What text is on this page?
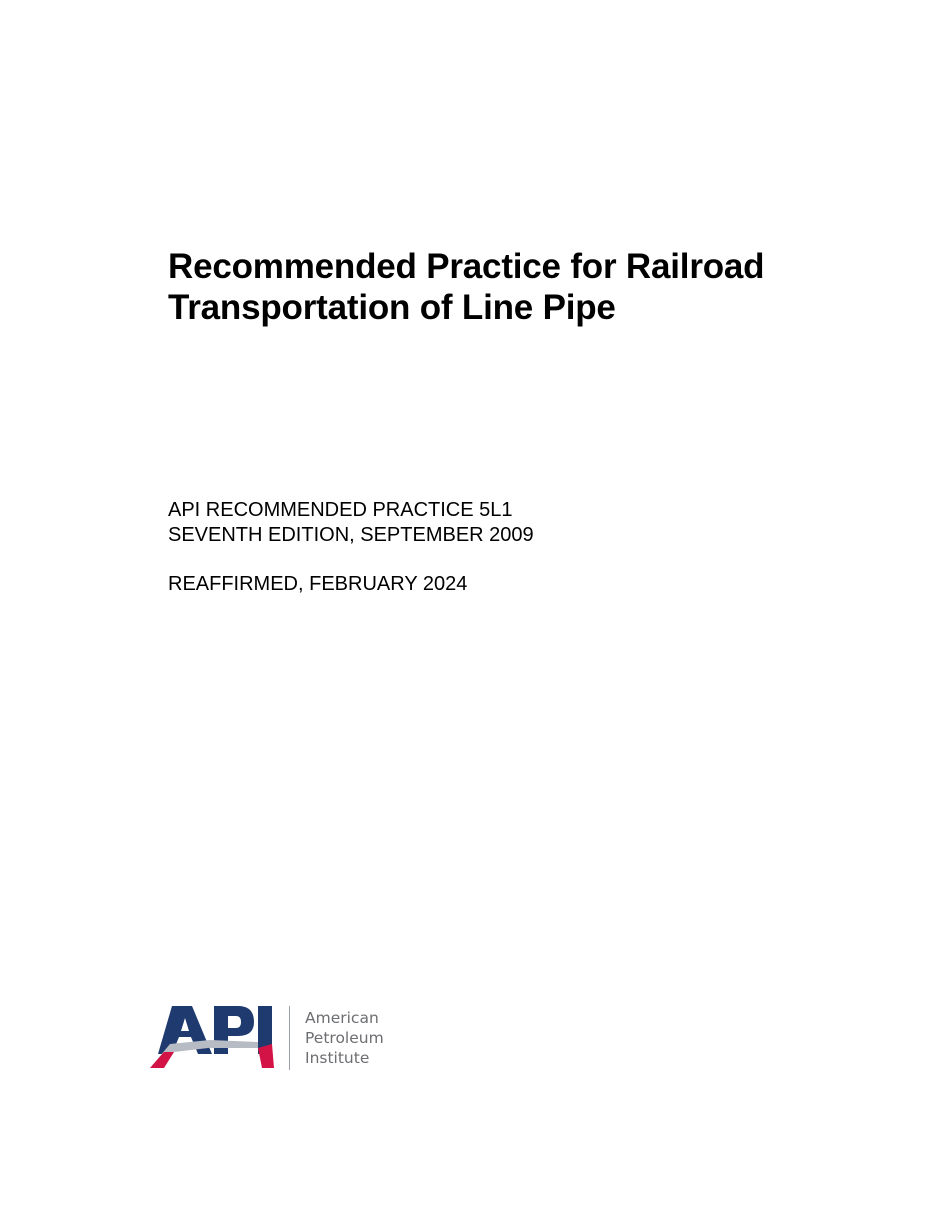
Recommended Practice for Railroad
Transportation of Line Pipe
API RECOMMENDED PRACTICE 5L1
SEVENTH EDITION, SEPTEMBER 2009
REAFFIRMED, FEBRUARY 2024
American
Petroleum
Institute
